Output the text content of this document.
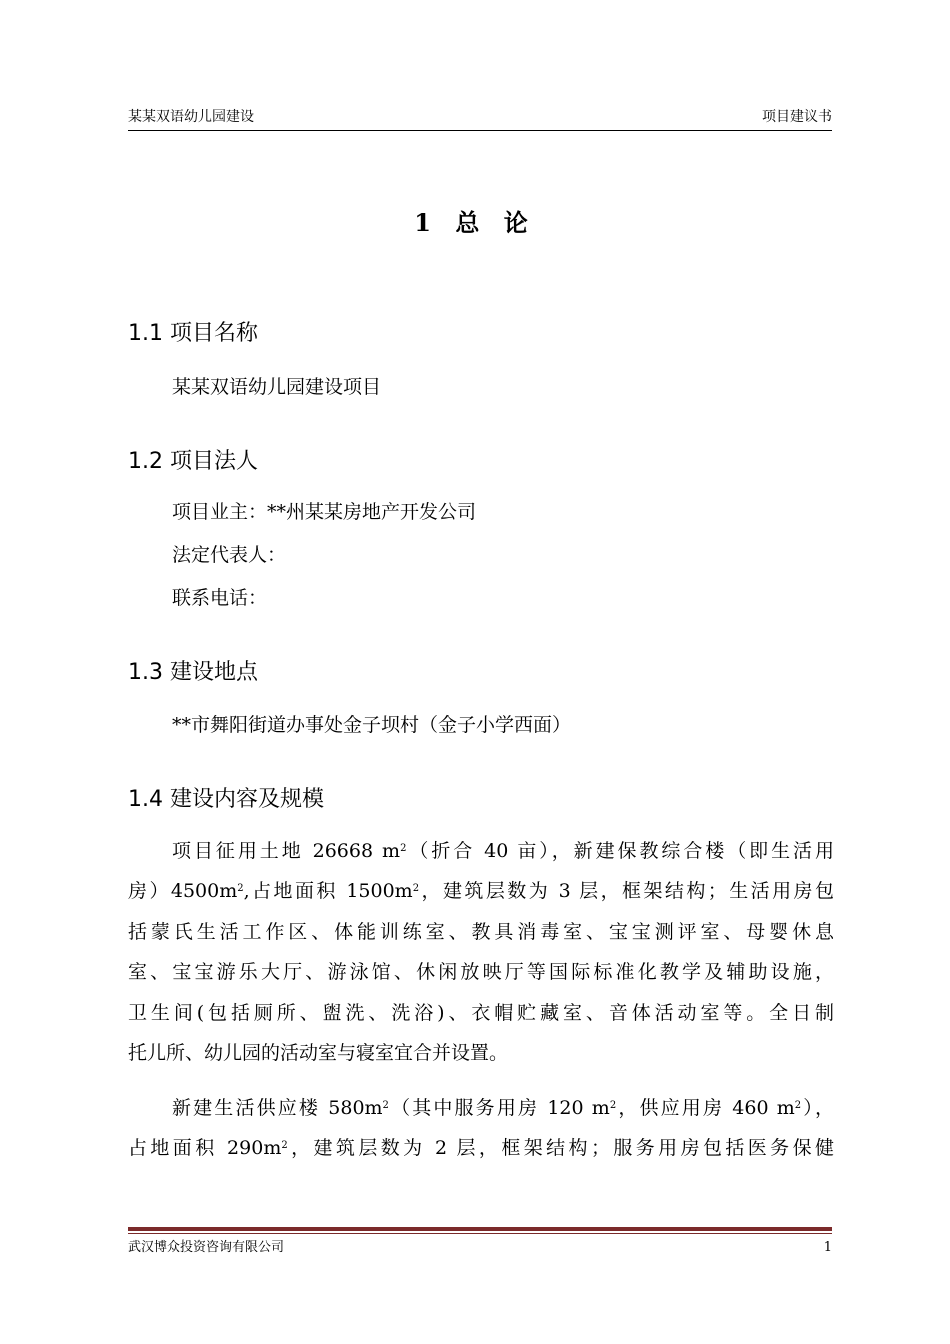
某某双语幼儿园建设	项目建议书
1 总 论
1.1 项目名称
某某双语幼儿园建设项目
1.2 项目法人
项目业主：**州某某房地产开发公司
法定代表人：
联系电话：
1.3 建设地点
**市舞阳街道办事处金子坝村（金子小学西面）
1.4 建设内容及规模
项目征用土地 26668 $m^2$（折合 40 亩），新建保教综合楼（即生活用
房）$4500m^2$,占地面积 $1500m^2$，建筑层数为 3 层，框架结构；生活用房包
括蒙氏生活工作区、体能训练室、教具消毒室、宝宝测评室、母婴休息
室、宝宝游乐大厅、游泳馆、休闲放映厅等国际标准化教学及辅助设施，
卫生间(包括厕所、盥洗、洗浴)、衣帽贮藏室、音体活动室等。全日制
托儿所、幼儿园的活动室与寝室宜合并设置。
新建生活供应楼 $580m^2$（其中服务用房 120 $m^2$，供应用房 460 $m^2$），
占地面积 $290m^2$，建筑层数为 2 层，框架结构；服务用房包括医务保健
武汉博众投资咨询有限公司	1
